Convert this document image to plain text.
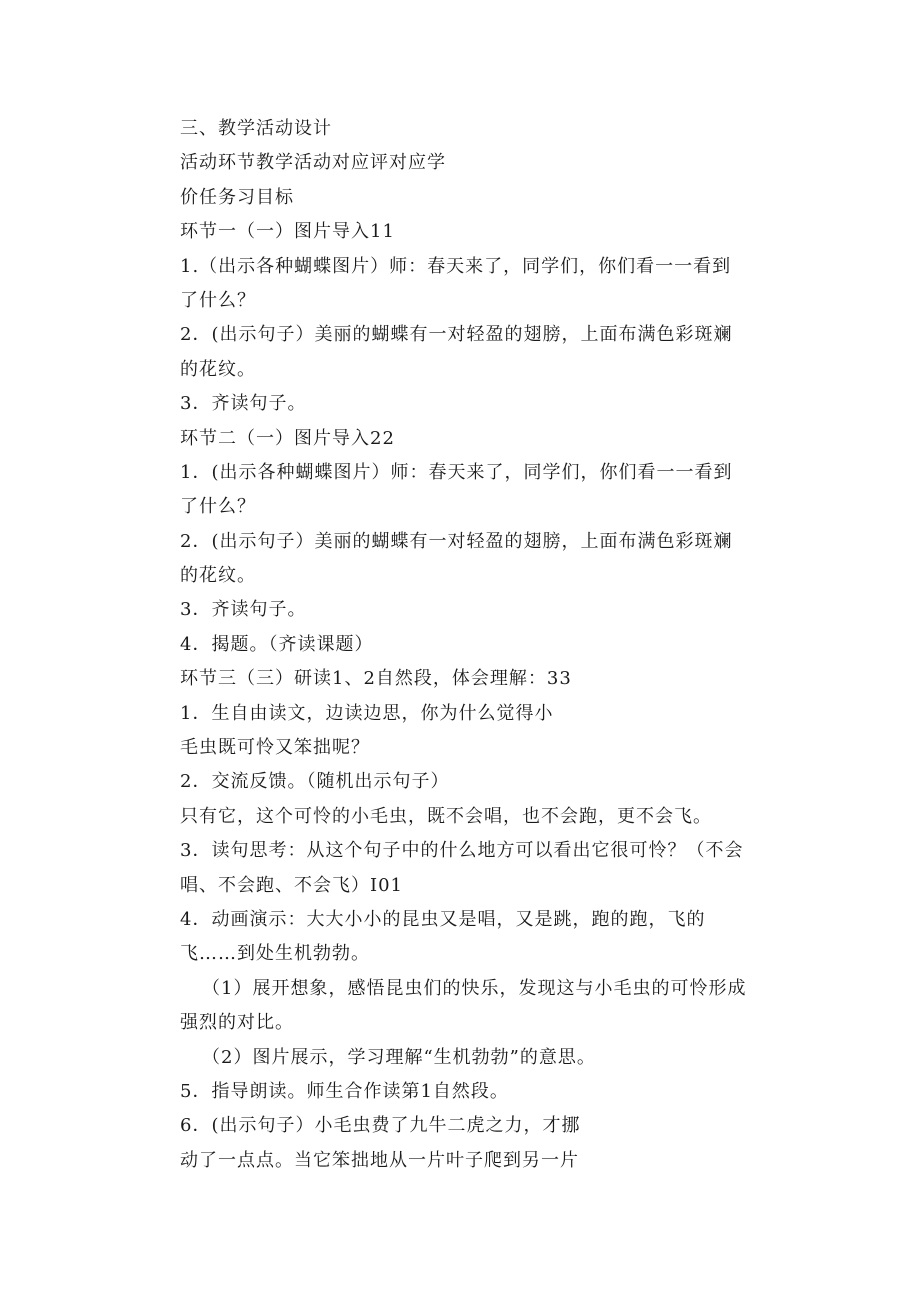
三、教学活动设计
活动环节教学活动对应评对应学
价任务习目标
环节一（一）图片导入11
1.（出示各种蝴蝶图片）师：春天来了，同学们，你们看一一看到
了什么？
2．(出示句子）美丽的蝴蝶有一对轻盈的翅膀，上面布满色彩斑斓
的花纹。
3．齐读句子。
环节二（一）图片导入22
1．(出示各种蝴蝶图片）师：春天来了，同学们，你们看一一看到
了什么？
2．(出示句子）美丽的蝴蝶有一对轻盈的翅膀，上面布满色彩斑斓
的花纹。
3．齐读句子。
4．揭题。（齐读课题）
环节三（三）研读1、2自然段，体会理解：33
1．生自由读文，边读边思，你为什么觉得小
毛虫既可怜又笨拙呢？
2．交流反馈。（随机出示句子）
只有它，这个可怜的小毛虫，既不会唱，也不会跑，更不会飞。
3．读句思考：从这个句子中的什么地方可以看出它很可怜？（不会
唱、不会跑、不会飞）I01
4．动画演示：大大小小的昆虫又是唱，又是跳，跑的跑，飞的
飞……到处生机勃勃。
（1）展开想象，感悟昆虫们的快乐，发现这与小毛虫的可怜形成
强烈的对比。
（2）图片展示，学习理解“生机勃勃”的意思。
5．指导朗读。师生合作读第1自然段。
6．(出示句子）小毛虫费了九牛二虎之力，才挪
动了一点点。当它笨拙地从一片叶子爬到另一片
